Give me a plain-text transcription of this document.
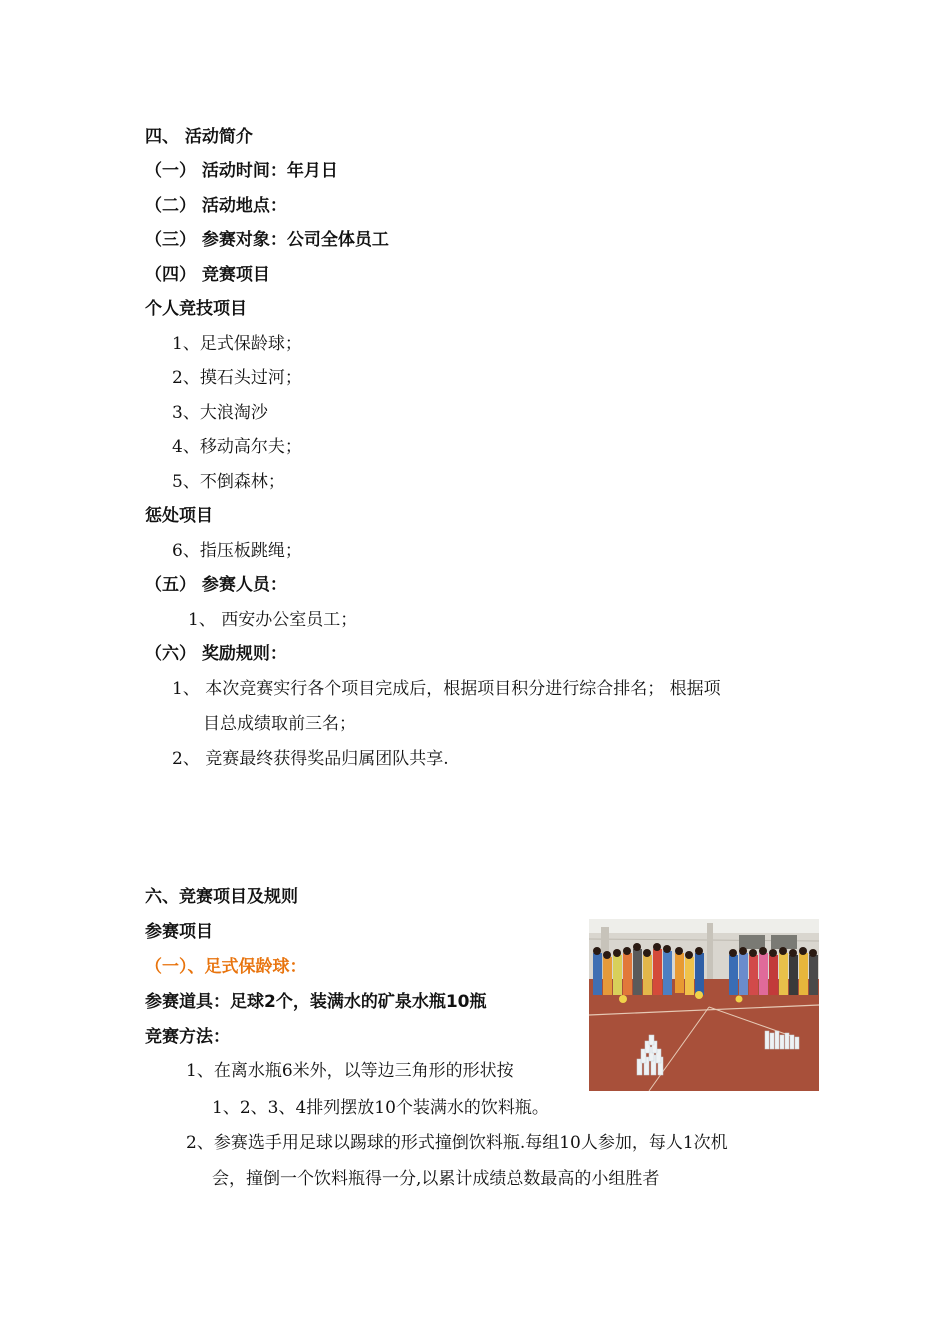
四、 活动简介
（一） 活动时间：年月日
（二） 活动地点：
（三） 参赛对象：公司全体员工
（四） 竞赛项目
个人竞技项目
1、足式保龄球；
2、摸石头过河；
3、大浪淘沙
4、移动高尔夫；
5、不倒森林；
惩处项目
6、指压板跳绳；
（五） 参赛人员：
1、 西安办公室员工；
（六） 奖励规则：
1、 本次竞赛实行各个项目完成后，根据项目积分进行综合排名； 根据项
目总成绩取前三名；
2、 竞赛最终获得奖品归属团队共享.
六、竞赛项目及规则
参赛项目
（一）、足式保龄球：
参赛道具：足球2个，装满水的矿泉水瓶10瓶
竞赛方法：
1、在离水瓶6米外，以等边三角形的形状按
1、2、3、4排列摆放10个装满水的饮料瓶。
2、参赛选手用足球以踢球的形式撞倒饮料瓶.每组10人参加，每人1次机
会，撞倒一个饮料瓶得一分,以累计成绩总数最高的小组胜者
